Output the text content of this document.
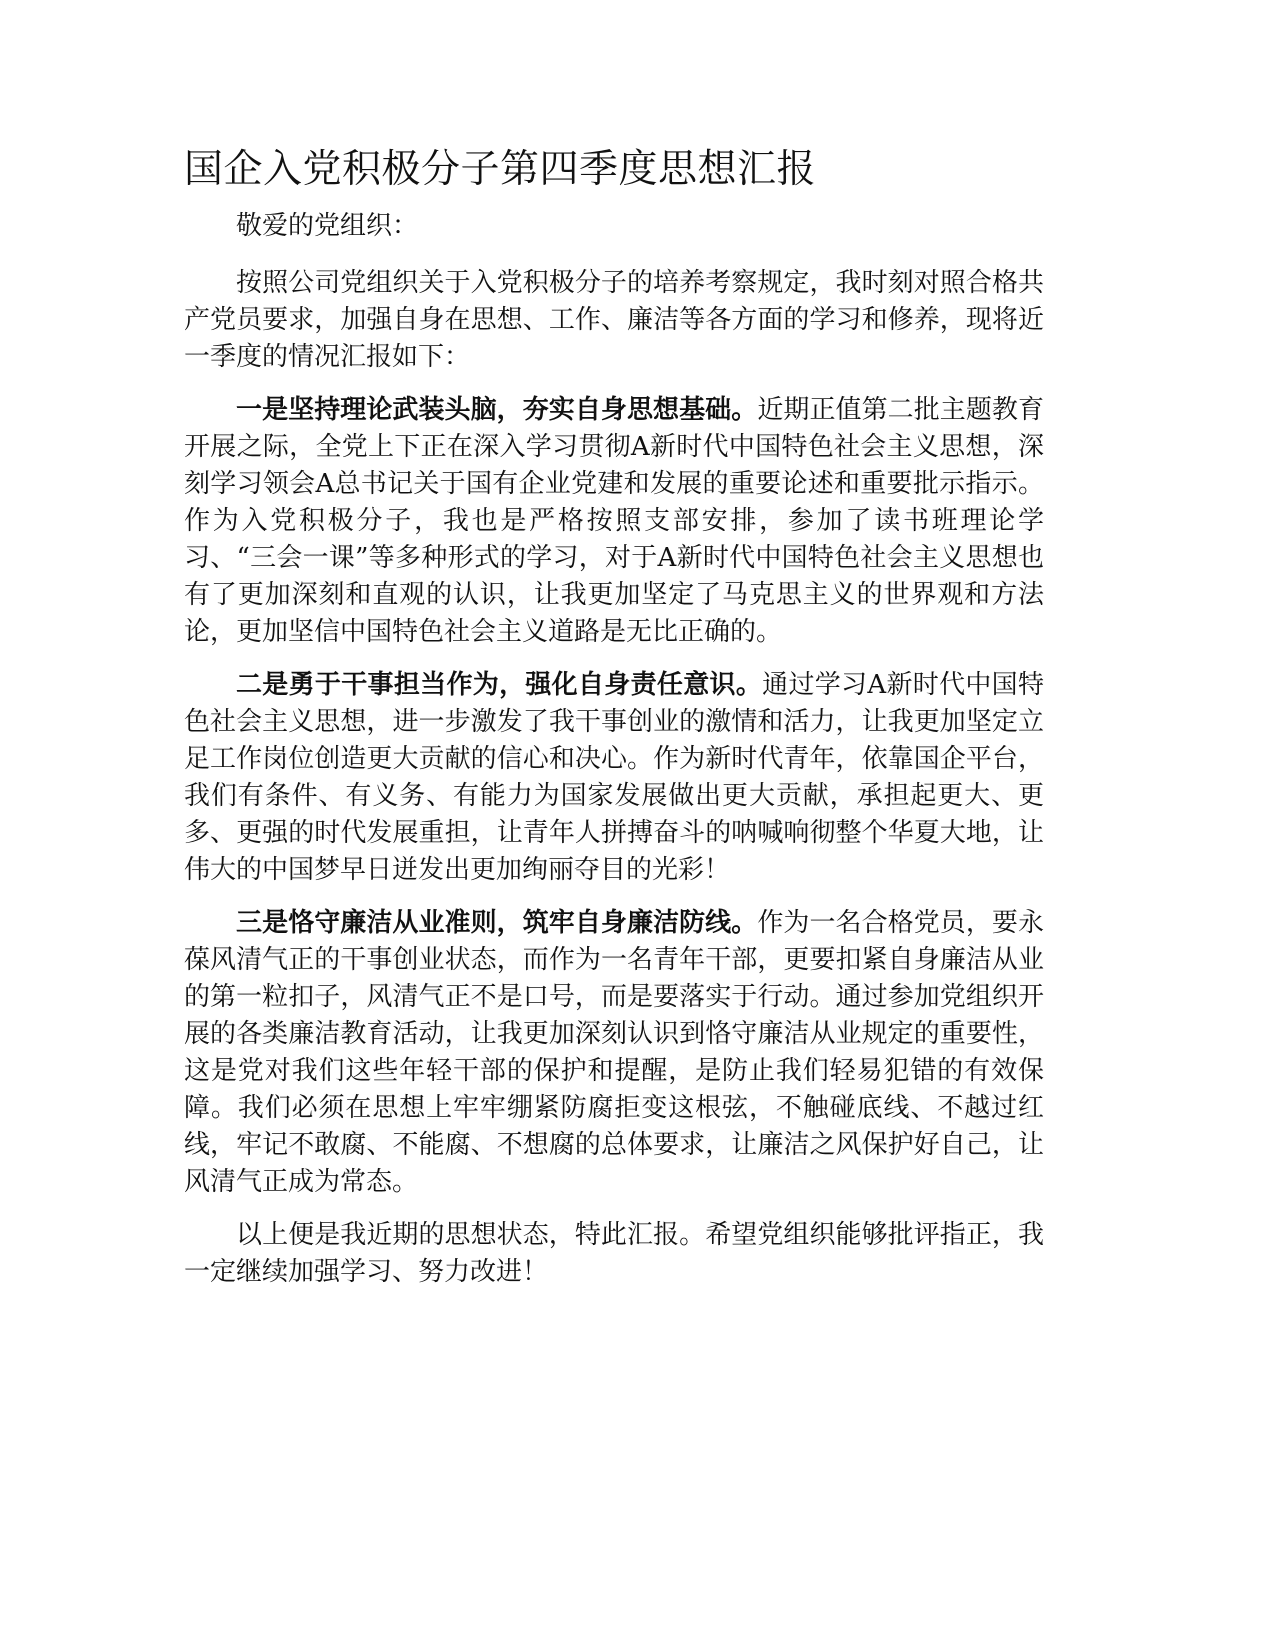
国企入党积极分子第四季度思想汇报

敬爱的党组织：

按照公司党组织关于入党积极分子的培养考察规定，我时刻对照合格共产党员要求，加强自身在思想、工作、廉洁等各方面的学习和修养，现将近一季度的情况汇报如下：

一是坚持理论武装头脑，夯实自身思想基础。近期正值第二批主题教育开展之际，全党上下正在深入学习贯彻A新时代中国特色社会主义思想，深刻学习领会A总书记关于国有企业党建和发展的重要论述和重要批示指示。作为入党积极分子，我也是严格按照支部安排，参加了读书班理论学习、“三会一课”等多种形式的学习，对于A新时代中国特色社会主义思想也有了更加深刻和直观的认识，让我更加坚定了马克思主义的世界观和方法论，更加坚信中国特色社会主义道路是无比正确的。

二是勇于干事担当作为，强化自身责任意识。通过学习A新时代中国特色社会主义思想，进一步激发了我干事创业的激情和活力，让我更加坚定立足工作岗位创造更大贡献的信心和决心。作为新时代青年，依靠国企平台，我们有条件、有义务、有能力为国家发展做出更大贡献，承担起更大、更多、更强的时代发展重担，让青年人拼搏奋斗的呐喊响彻整个华夏大地，让伟大的中国梦早日迸发出更加绚丽夺目的光彩！

三是恪守廉洁从业准则，筑牢自身廉洁防线。作为一名合格党员，要永葆风清气正的干事创业状态，而作为一名青年干部，更要扣紧自身廉洁从业的第一粒扣子，风清气正不是口号，而是要落实于行动。通过参加党组织开展的各类廉洁教育活动，让我更加深刻认识到恪守廉洁从业规定的重要性，这是党对我们这些年轻干部的保护和提醒，是防止我们轻易犯错的有效保障。我们必须在思想上牢牢绷紧防腐拒变这根弦，不触碰底线、不越过红线，牢记不敢腐、不能腐、不想腐的总体要求，让廉洁之风保护好自己，让风清气正成为常态。

以上便是我近期的思想状态，特此汇报。希望党组织能够批评指正，我一定继续加强学习、努力改进！
